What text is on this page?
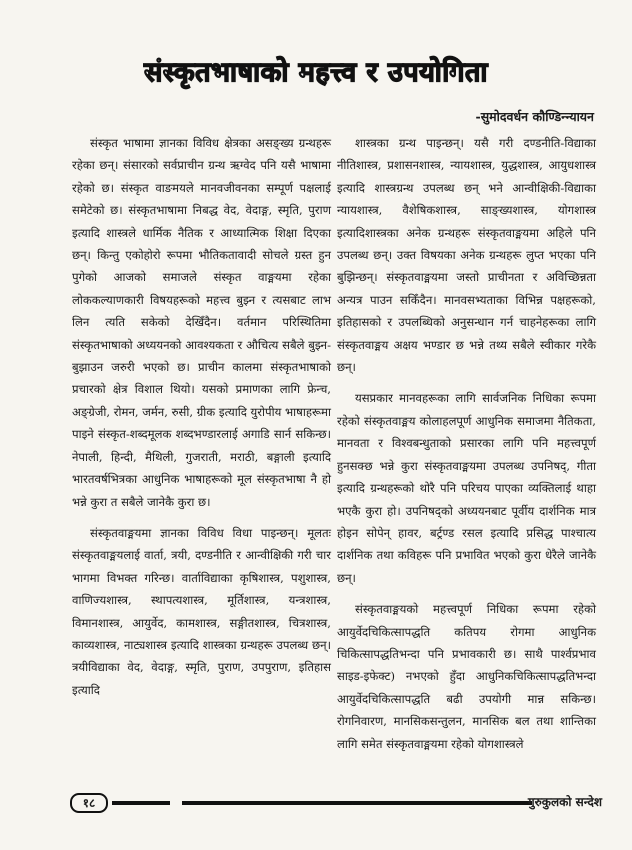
संस्कृतभाषाको महत्त्व र उपयोगिता
-सुमोदवर्धन कौण्डिन्न्यायन

संस्कृत भाषामा ज्ञानका विविध क्षेत्रका असङ्ख्य ग्रन्थहरू रहेका छन्। संसारको सर्वप्राचीन ग्रन्थ ऋग्वेद पनि यसै भाषामा रहेको छ। संस्कृत वाङमयले मानवजीवनका सम्पूर्ण पक्षलाई समेटेको छ। संस्कृतभाषामा निबद्ध वेद, वेदाङ्ग, स्मृति, पुराण इत्यादि शास्त्रले धार्मिक नैतिक र आध्यात्मिक शिक्षा दिएका छन्। किन्तु एकोहोरो रूपमा भौतिकतावादी सोचले ग्रस्त हुन पुगेको आजको समाजले संस्कृत वाङ्मयमा रहेका लोककल्याणकारी विषयहरूको महत्त्व बुझ्न र त्यसबाट लाभ लिन त्यति सकेको देखिँदैन। वर्तमान परिस्थितिमा संस्कृतभाषाको अध्ययनको आवश्यकता र औचित्य सबैले बुझ्न-बुझाउन जरुरी भएको छ। प्राचीन कालमा संस्कृतभाषाको प्रचारको क्षेत्र विशाल थियो। यसको प्रमाणका लागि फ्रेन्च, अङ्ग्रेजी, रोमन, जर्मन, रुसी, ग्रीक इत्यादि युरोपीय भाषाहरूमा पाइने संस्कृत-शब्दमूलक शब्दभण्डारलाई अगाडि सार्न सकिन्छ। नेपाली, हिन्दी, मैथिली, गुजराती, मराठी, बङ्गाली इत्यादि भारतवर्षभित्रका आधुनिक भाषाहरूको मूल संस्कृतभाषा नै हो भन्ने कुरा त सबैले जानेकै कुरा छ।

संस्कृतवाङ्मयमा ज्ञानका विविध विधा पाइन्छन्। मूलतः संस्कृतवाङ्मयलाई वार्ता, त्रयी, दण्डनीति र आन्वीक्षिकी गरी चार भागमा विभक्त गरिन्छ। वार्ताविद्याका कृषिशास्त्र, पशुशास्त्र, वाणिज्यशास्त्र, स्थापत्यशास्त्र, मूर्तिशास्त्र, यन्त्रशास्त्र, विमानशास्त्र, आयुर्वेद, कामशास्त्र, सङ्गीतशास्त्र, चित्रशास्त्र, काव्यशास्त्र, नाट्यशास्त्र इत्यादि शास्त्रका ग्रन्थहरू उपलब्ध छन्। त्रयीविद्याका वेद, वेदाङ्ग, स्मृति, पुराण, उपपुराण, इतिहास इत्यादि

शास्त्रका ग्रन्थ पाइन्छन्। यसै गरी दण्डनीति-विद्याका नीतिशास्त्र, प्रशासनशास्त्र, न्यायशास्त्र, युद्धशास्त्र, आयुधशास्त्र इत्यादि शास्त्रग्रन्थ उपलब्ध छन् भने आन्वीक्षिकी-विद्याका न्यायशास्त्र, वैशेषिकशास्त्र, साङ्ख्यशास्त्र, योगशास्त्र इत्यादिशास्त्रका अनेक ग्रन्थहरू संस्कृतवाङ्मयमा अहिले पनि उपलब्ध छन्। उक्त विषयका अनेक ग्रन्थहरू लुप्त भएका पनि बुझिन्छन्। संस्कृतवाङ्मयमा जस्तो प्राचीनता र अविच्छिन्नता अन्यत्र पाउन सकिँदैन। मानवसभ्यताका विभिन्न पक्षहरूको, इतिहासको र उपलब्धिको अनुसन्धान गर्न चाहनेहरूका लागि संस्कृतवाङ्मय अक्षय भण्डार छ भन्ने तथ्य सबैले स्वीकार गरेकै छन्।

यसप्रकार मानवहरूका लागि सार्वजनिक निधिका रूपमा रहेको संस्कृतवाङ्मय कोलाहलपूर्ण आधुनिक समाजमा नैतिकता, मानवता र विश्वबन्धुताको प्रसारका लागि पनि महत्त्वपूर्ण हुनसक्छ भन्ने कुरा संस्कृतवाङ्मयमा उपलब्ध उपनिषद्, गीता इत्यादि ग्रन्थहरूको थोरै पनि परिचय पाएका व्यक्तिलाई थाहा भएकै कुरा हो। उपनिषद्को अध्ययनबाट पूर्वीय दार्शनिक मात्र होइन सोपेन् हावर, बर्ट्रण्ड रसल इत्यादि प्रसिद्ध पाश्चात्य दार्शनिक तथा कविहरू पनि प्रभावित भएको कुरा धेरैले जानेकै छन्।

संस्कृतवाङ्मयको महत्त्वपूर्ण निधिका रूपमा रहेको आयुर्वेदचिकित्सापद्धति कतिपय रोगमा आधुनिक चिकित्सापद्धतिभन्दा पनि प्रभावकारी छ। साथै पार्श्वप्रभाव साइड-इफेक्ट) नभएको हुँदा आधुनिकचिकित्सापद्धतिभन्दा आयुर्वेदचिकित्सापद्धति बढी उपयोगी मान्न सकिन्छ। रोगनिवारण, मानसिकसन्तुलन, मानसिक बल तथा शान्तिका लागि समेत संस्कृतवाङ्मयमा रहेको योगशास्त्रले

१८	गुरुकुलको सन्देश
